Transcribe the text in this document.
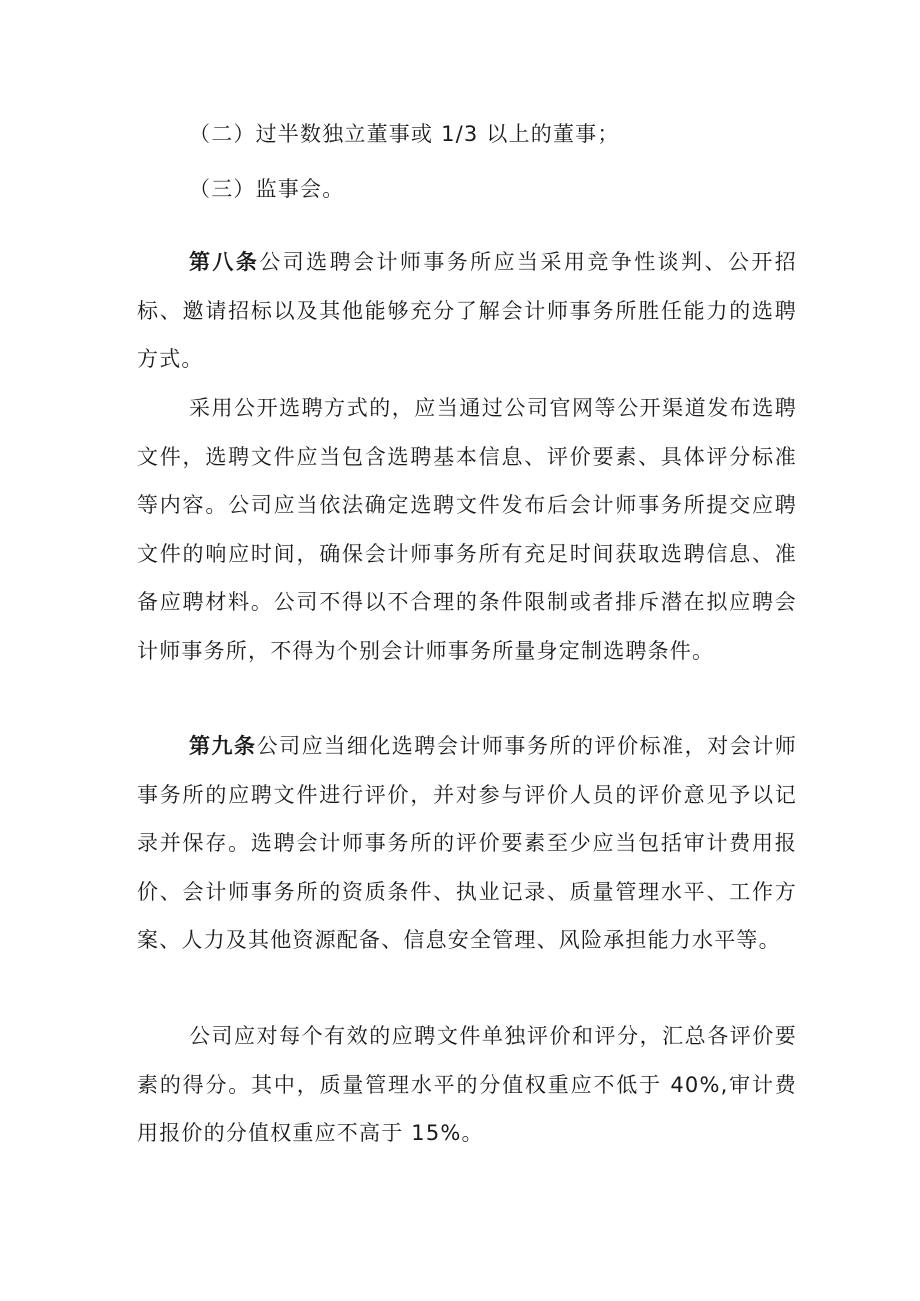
（二）过半数独立董事或 1/3 以上的董事；

（三）监事会。

第八条公司选聘会计师事务所应当采用竞争性谈判、公开招标、邀请招标以及其他能够充分了解会计师事务所胜任能力的选聘方式。

采用公开选聘方式的，应当通过公司官网等公开渠道发布选聘文件，选聘文件应当包含选聘基本信息、评价要素、具体评分标准等内容。公司应当依法确定选聘文件发布后会计师事务所提交应聘文件的响应时间，确保会计师事务所有充足时间获取选聘信息、准备应聘材料。公司不得以不合理的条件限制或者排斥潜在拟应聘会计师事务所，不得为个别会计师事务所量身定制选聘条件。

第九条公司应当细化选聘会计师事务所的评价标准，对会计师事务所的应聘文件进行评价，并对参与评价人员的评价意见予以记录并保存。选聘会计师事务所的评价要素至少应当包括审计费用报价、会计师事务所的资质条件、执业记录、质量管理水平、工作方案、人力及其他资源配备、信息安全管理、风险承担能力水平等。

公司应对每个有效的应聘文件单独评价和评分，汇总各评价要素的得分。其中，质量管理水平的分值权重应不低于 40%,审计费用报价的分值权重应不高于 15%。
